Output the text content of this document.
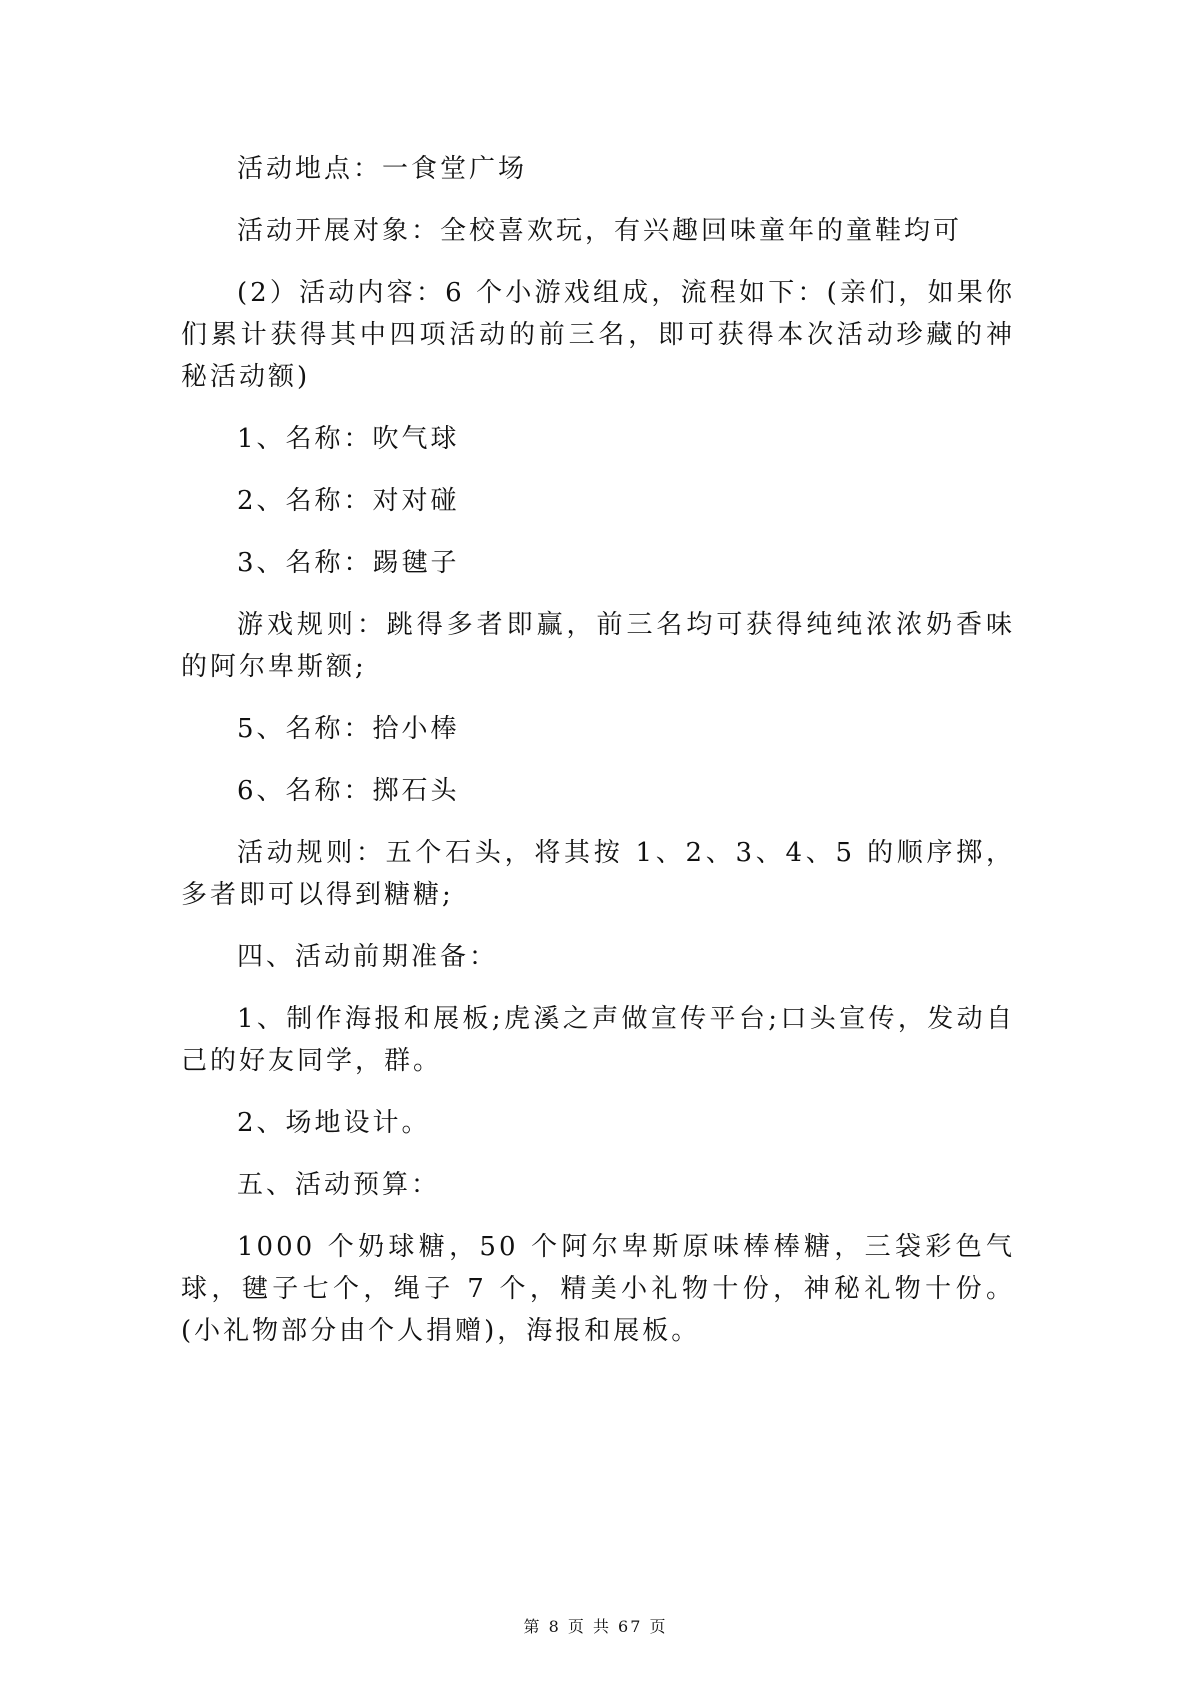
活动地点：一食堂广场

活动开展对象：全校喜欢玩，有兴趣回味童年的童鞋均可

(2）活动内容：6 个小游戏组成，流程如下：(亲们，如果你们累计获得其中四项活动的前三名，即可获得本次活动珍藏的神秘活动额)

1、名称：吹气球

2、名称：对对碰

3、名称：踢毽子

游戏规则：跳得多者即赢，前三名均可获得纯纯浓浓奶香味的阿尔卑斯额;

5、名称：拾小棒

6、名称：掷石头

活动规则：五个石头，将其按 1、2、3、4、5 的顺序掷，多者即可以得到糖糖;

四、活动前期准备：

1、制作海报和展板;虎溪之声做宣传平台;口头宣传，发动自己的好友同学，群。

2、场地设计。

五、活动预算：

1000 个奶球糖，50 个阿尔卑斯原味棒棒糖，三袋彩色气球，毽子七个，绳子 7 个，精美小礼物十份，神秘礼物十份。(小礼物部分由个人捐赠)，海报和展板。

第 8 页 共 67 页
